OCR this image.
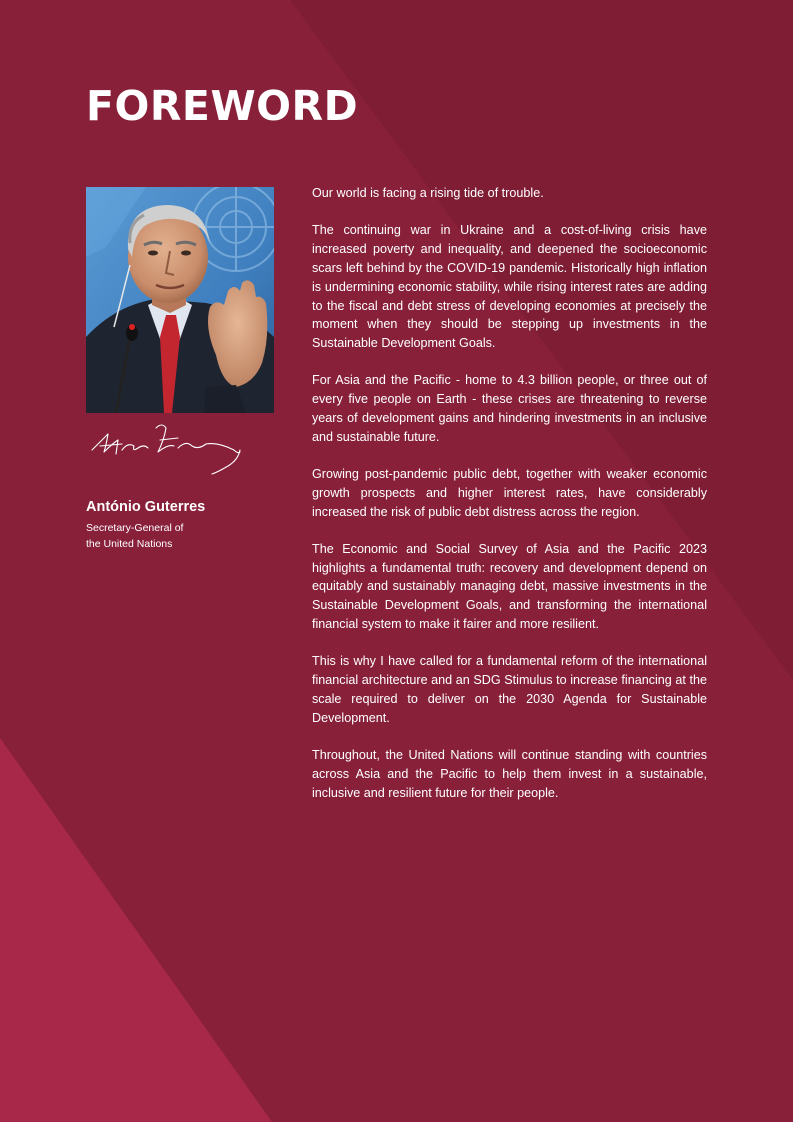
FOREWORD
António Guterres
Secretary-General of
the United Nations

Our world is facing a rising tide of trouble.

The continuing war in Ukraine and a cost-of-living crisis have increased poverty and inequality, and deepened the socioeconomic scars left behind by the COVID-19 pandemic. Historically high inflation is undermining economic stability, while rising interest rates are adding to the fiscal and debt stress of developing economies at precisely the moment when they should be stepping up investments in the Sustainable Development Goals.

For Asia and the Pacific - home to 4.3 billion people, or three out of every five people on Earth - these crises are threatening to reverse years of development gains and hindering investments in an inclusive and sustainable future.

Growing post-pandemic public debt, together with weaker economic growth prospects and higher interest rates, have considerably increased the risk of public debt distress across the region.

The Economic and Social Survey of Asia and the Pacific 2023 highlights a fundamental truth: recovery and development depend on equitably and sustainably managing debt, massive investments in the Sustainable Development Goals, and transforming the international financial system to make it fairer and more resilient.

This is why I have called for a fundamental reform of the international financial architecture and an SDG Stimulus to increase financing at the scale required to deliver on the 2030 Agenda for Sustainable Development.

Throughout, the United Nations will continue standing with countries across Asia and the Pacific to help them invest in a sustainable, inclusive and resilient future for their people.
